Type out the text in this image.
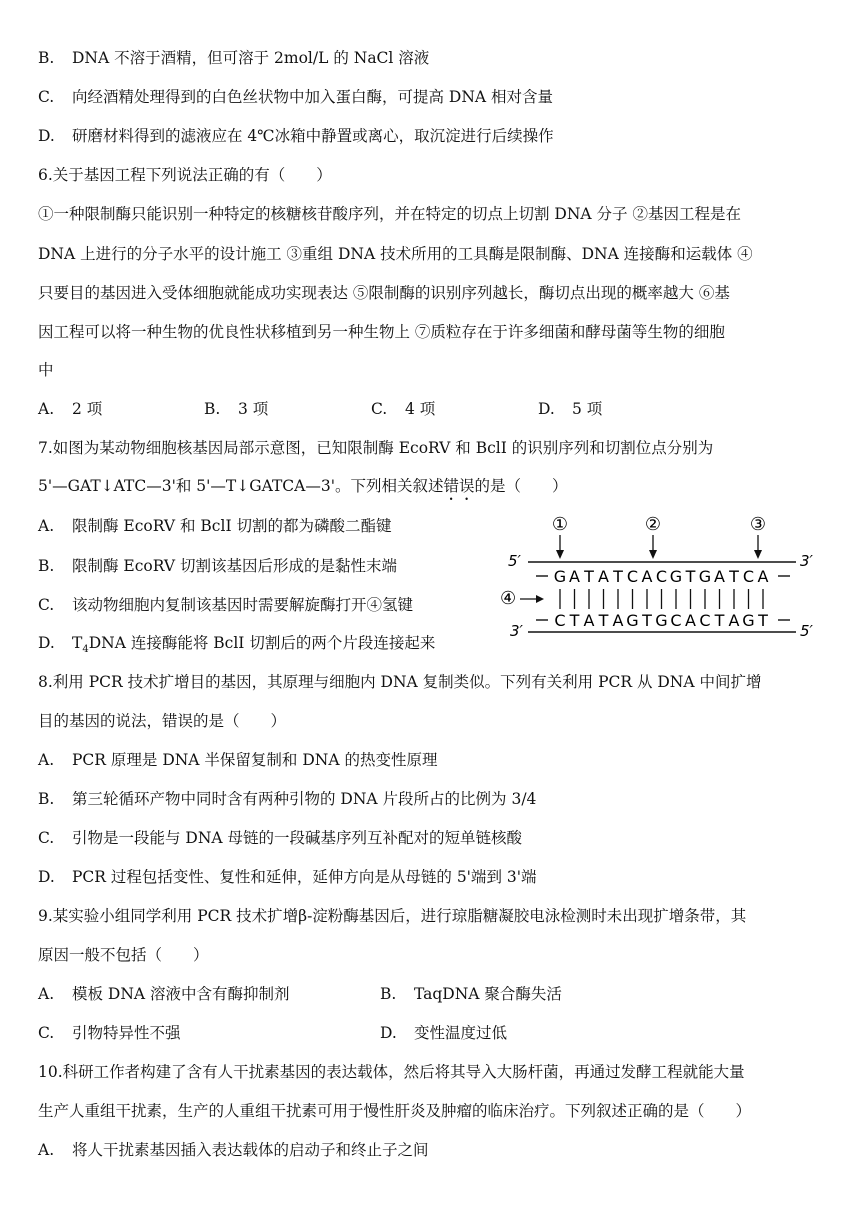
B. DNA 不溶于酒精，但可溶于 2mol/L 的 NaCl 溶液
C. 向经酒精处理得到的白色丝状物中加入蛋白酶，可提高 DNA 相对含量
D. 研磨材料得到的滤液应在 4℃冰箱中静置或离心，取沉淀进行后续操作
6.关于基因工程下列说法正确的有（　　）
①一种限制酶只能识别一种特定的核糖核苷酸序列，并在特定的切点上切割 DNA 分子 ②基因工程是在
DNA 上进行的分子水平的设计施工 ③重组 DNA 技术所用的工具酶是限制酶、DNA 连接酶和运载体 ④
只要目的基因进入受体细胞就能成功实现表达 ⑤限制酶的识别序列越长，酶切点出现的概率越大 ⑥基
因工程可以将一种生物的优良性状移植到另一种生物上 ⑦质粒存在于许多细菌和酵母菌等生物的细胞
中
A. 2 项	B. 3 项	C. 4 项	D. 5 项
7.如图为某动物细胞核基因局部示意图，已知限制酶 EcoRV 和 BclI 的识别序列和切割位点分别为
5'—GAT↓ATC—3'和 5'—T↓GATCA—3'。下列相关叙述错误的是（　　）
A. 限制酶 EcoRV 和 BclI 切割的都为磷酸二酯键
B. 限制酶 EcoRV 切割该基因后形成的是黏性末端
C. 该动物细胞内复制该基因时需要解旋酶打开④氢键
D. $T_4DNA$ 连接酶能将 BclI 切割后的两个片段连接起来
①	②	③
5′	3′
G A T A T C A C G T G A T C A
④
C T A T A G T G C A C T A G T
3′	5′
8.利用 PCR 技术扩增目的基因，其原理与细胞内 DNA 复制类似。下列有关利用 PCR 从 DNA 中间扩增
目的基因的说法，错误的是（　　）
A. PCR 原理是 DNA 半保留复制和 DNA 的热变性原理
B. 第三轮循环产物中同时含有两种引物的 DNA 片段所占的比例为 3/4
C. 引物是一段能与 DNA 母链的一段碱基序列互补配对的短单链核酸
D. PCR 过程包括变性、复性和延伸，延伸方向是从母链的 5'端到 3'端
9.某实验小组同学利用 PCR 技术扩增β-淀粉酶基因后，进行琼脂糖凝胶电泳检测时未出现扩增条带，其
原因一般不包括（　　）
A. 模板 DNA 溶液中含有酶抑制剂	B. TaqDNA 聚合酶失活
C. 引物特异性不强	D. 变性温度过低
10.科研工作者构建了含有人干扰素基因的表达载体，然后将其导入大肠杆菌，再通过发酵工程就能大量
生产人重组干扰素，生产的人重组干扰素可用于慢性肝炎及肿瘤的临床治疗。下列叙述正确的是（　　）
A. 将人干扰素基因插入表达载体的启动子和终止子之间
